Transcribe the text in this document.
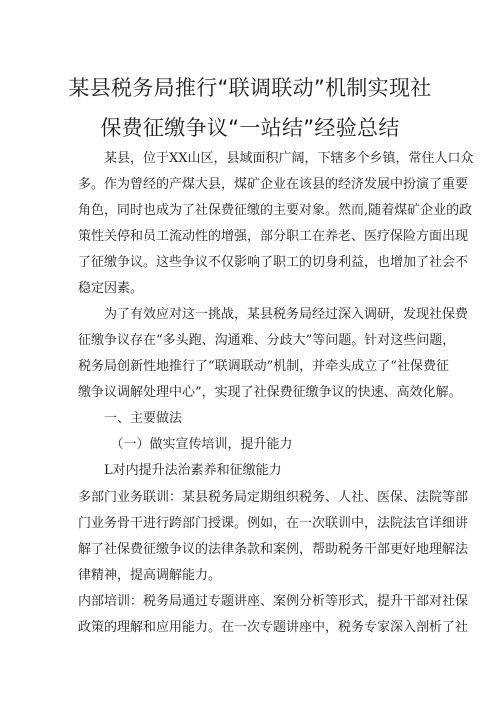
某县税务局推行“联调联动”机制实现社
保费征缴争议“一站结”经验总结
　　某县，位于XX山区，县域面积广阔，下辖多个乡镇，常住人口众
多。作为曾经的产煤大县，煤矿企业在该县的经济发展中扮演了重要
角色，同时也成为了社保费征缴的主要对象。然而,随着煤矿企业的政
策性关停和员工流动性的增强，部分职工在养老、医疗保险方面出现
了征缴争议。这些争议不仅影响了职工的切身利益，也增加了社会不
稳定因素。
　　为了有效应对这一挑战，某县税务局经过深入调研，发现社保费
征缴争议存在“多头跑、沟通难、分歧大”等问题。针对这些问题，
税务局创新性地推行了“联调联动”机制，并牵头成立了“社保费征
缴争议调解处理中心”，实现了社保费征缴争议的快速、高效化解。
　　一、主要做法
　　　（一）做实宣传培训，提升能力
　　L对内提升法治素养和征缴能力
多部门业务联训：某县税务局定期组织税务、人社、医保、法院等部
门业务骨干进行跨部门授课。例如，在一次联训中，法院法官详细讲
解了社保费征缴争议的法律条款和案例，帮助税务干部更好地理解法
律精神，提高调解能力。
内部培训：税务局通过专题讲座、案例分析等形式，提升干部对社保
政策的理解和应用能力。在一次专题讲座中，税务专家深入剖析了社
